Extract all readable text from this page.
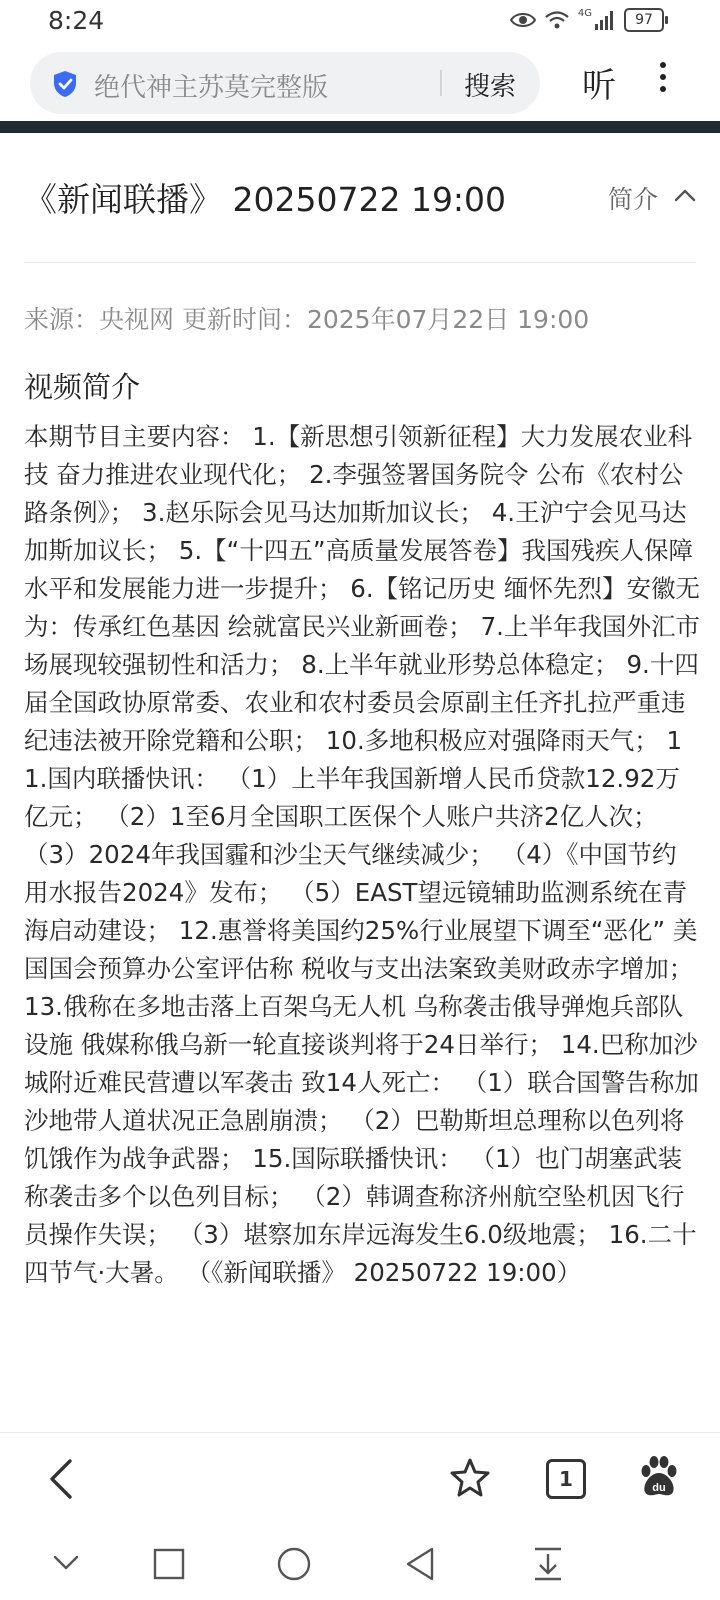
8:24	4G	97
绝代神主苏莫完整版	搜索 听
《新闻联播》 20250722 19:00	简介
来源：央视网 更新时间：2025年07月22日 19:00
视频简介
本期节目主要内容： 1.【新思想引领新征程】大力发展农业科技 奋力推进农业现代化； 2.李强签署国务院令 公布《农村公路条例》； 3.赵乐际会见马达加斯加议长； 4.王沪宁会见马达加斯加议长； 5.【“十四五”高质量发展答卷】我国残疾人保障水平和发展能力进一步提升； 6.【铭记历史 缅怀先烈】安徽无为：传承红色基因 绘就富民兴业新画卷； 7.上半年我国外汇市场展现较强韧性和活力； 8.上半年就业形势总体稳定； 9.十四届全国政协原常委、农业和农村委员会原副主任齐扎拉严重违纪违法被开除党籍和公职； 10.多地积极应对强降雨天气； 11.国内联播快讯： （1）上半年我国新增人民币贷款12.92万亿元； （2）1至6月全国职工医保个人账户共济2亿人次； （3）2024年我国霾和沙尘天气继续减少； （4）《中国节约用水报告2024》发布； （5）EAST望远镜辅助监测系统在青海启动建设； 12.惠誉将美国约25%行业展望下调至“恶化” 美国国会预算办公室评估称 税收与支出法案致美财政赤字增加； 13.俄称在多地击落上百架乌无人机 乌称袭击俄导弹炮兵部队设施 俄媒称俄乌新一轮直接谈判将于24日举行； 14.巴称加沙城附近难民营遭以军袭击 致14人死亡： （1）联合国警告称加沙地带人道状况正急剧崩溃； （2）巴勒斯坦总理称以色列将饥饿作为战争武器； 15.国际联播快讯： （1）也门胡塞武装称袭击多个以色列目标； （2）韩调查称济州航空坠机因飞行员操作失误； （3）堪察加东岸远海发生6.0级地震； 16.二十四节气·大暑。 （《新闻联播》 20250722 19:00）
1	du
